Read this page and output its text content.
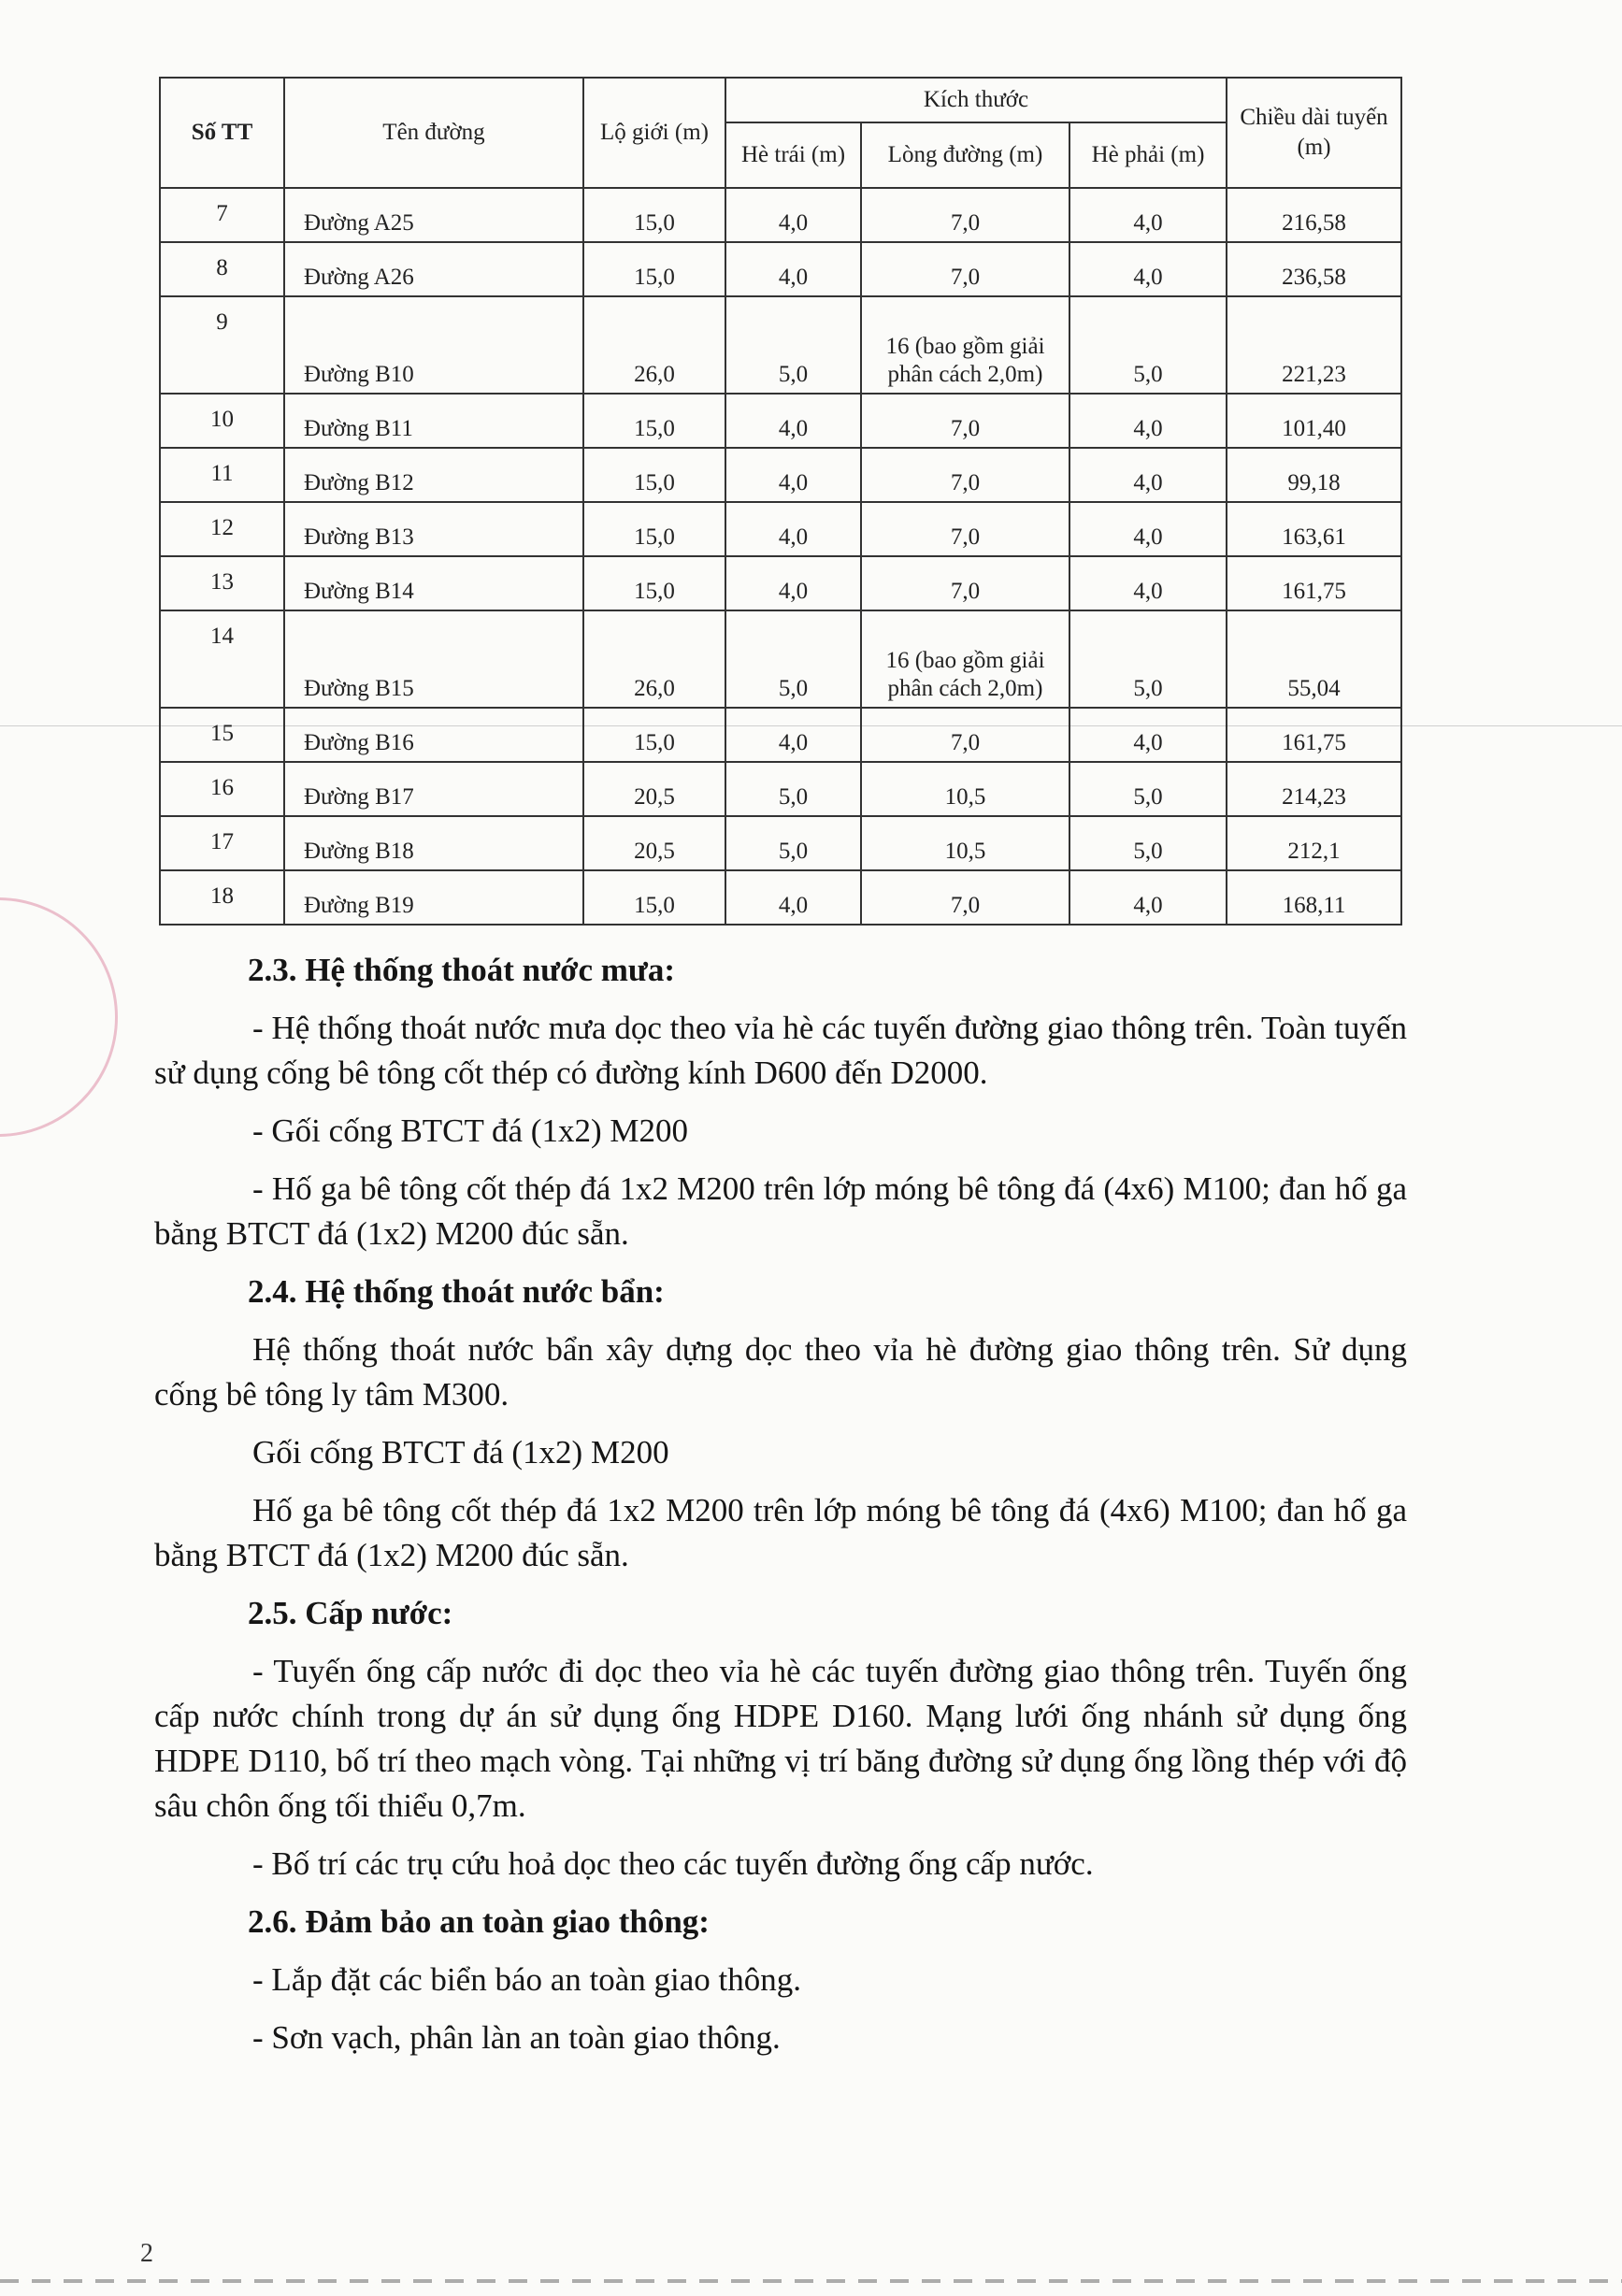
Số TT	Tên đường	Lộ giới (m)	Kích thước			Chiều dài tuyến (m)
			Hè trái (m)	Lòng đường (m)	Hè phải (m)	
7	Đường A25	15,0	4,0	7,0	4,0	216,58
8	Đường A26	15,0	4,0	7,0	4,0	236,58
9	Đường B10	26,0	5,0	16 (bao gồm giải phân cách 2,0m)	5,0	221,23
10	Đường B11	15,0	4,0	7,0	4,0	101,40
11	Đường B12	15,0	4,0	7,0	4,0	99,18
12	Đường B13	15,0	4,0	7,0	4,0	163,61
13	Đường B14	15,0	4,0	7,0	4,0	161,75
14	Đường B15	26,0	5,0	16 (bao gồm giải phân cách 2,0m)	5,0	55,04
15	Đường B16	15,0	4,0	7,0	4,0	161,75
16	Đường B17	20,5	5,0	10,5	5,0	214,23
17	Đường B18	20,5	5,0	10,5	5,0	212,1
18	Đường B19	15,0	4,0	7,0	4,0	168,11
2.3. Hệ thống thoát nước mưa:

- Hệ thống thoát nước mưa dọc theo vỉa hè các tuyến đường giao thông trên. Toàn tuyến sử dụng cống bê tông cốt thép có đường kính D600 đến D2000.

- Gối cống BTCT đá (1x2) M200

- Hố ga bê tông cốt thép đá 1x2 M200 trên lớp móng bê tông đá (4x6) M100; đan hố ga bằng BTCT đá (1x2) M200 đúc sẵn.

2.4. Hệ thống thoát nước bẩn:

Hệ thống thoát nước bẩn xây dựng dọc theo vỉa hè đường giao thông trên. Sử dụng cống bê tông ly tâm M300.

Gối cống BTCT đá (1x2) M200

Hố ga bê tông cốt thép đá 1x2 M200 trên lớp móng bê tông đá (4x6) M100; đan hố ga bằng BTCT đá (1x2) M200 đúc sẵn.

2.5. Cấp nước:

- Tuyến ống cấp nước đi dọc theo vỉa hè các tuyến đường giao thông trên. Tuyến ống cấp nước chính trong dự án sử dụng ống HDPE D160. Mạng lưới ống nhánh sử dụng ống HDPE D110, bố trí theo mạch vòng. Tại những vị trí băng đường sử dụng ống lồng thép với độ sâu chôn ống tối thiểu 0,7m.

- Bố trí các trụ cứu hoả dọc theo các tuyến đường ống cấp nước.

2.6. Đảm bảo an toàn giao thông:

- Lắp đặt các biển báo an toàn giao thông.

- Sơn vạch, phân làn an toàn giao thông.

2
